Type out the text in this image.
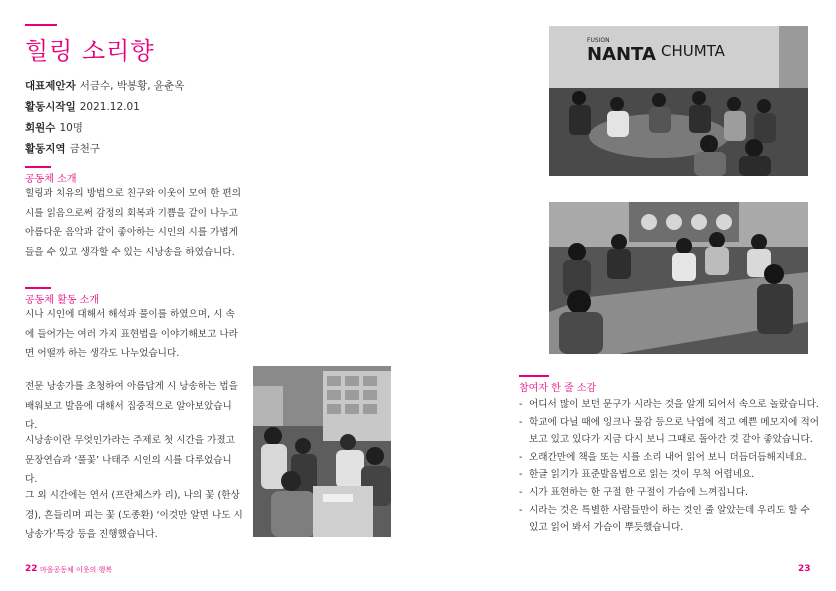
힐링 소리향
대표제안자 서금수, 박봉황, 윤춘옥
활동시작일 2021.12.01
회원수 10명
활동지역 금천구
공동체 소개

힐링과 치유의 방법으로 친구와 이웃이 모여 한 편의 시를 읽음으로써 감정의 회복과 기쁨을 같이 나누고 아름다운 음악과 같이 좋아하는 시인의 시를 가볍게 들을 수 있고 생각할 수 있는 시낭송을 하였습니다.

공동체 활동 소개

시나 시인에 대해서 해석과 풀이를 하였으며, 시 속에 들어가는 여러 가지 표현법을 이야기해보고 나라면 어떨까 하는 생각도 나누었습니다.

전문 낭송가를 초청하여 아름답게 시 낭송하는 법을 배워보고 발음에 대해서 집중적으로 알아보았습니다.

시낭송이란 무엇인가라는 주제로 첫 시간을 가졌고 문장연습과 ‘풀꽃’ 나태주 시인의 시를 다루었습니다.

그 외 시간에는 연서 (프란체스카 리), 나의 꽃 (한상경), 흔들리며 피는 꽃 (도종환) ‘이것만 알면 나도 시낭송가’특강 등을 진행했습니다.

22 마을공동체 이웃의 행복	23
FUSION
NANTA CHUMTA
참여자 한 줄 소감
- 어디서 많이 보던 문구가 시라는 것을 알게 되어서 속으로 놀랐습니다.
- 학교에 다닐 때에 잉크나 물감 등으로 낙엽에 적고 예쁜 메모지에 적어 보고 있고 있다가 지금 다시 보니 그때로 돌아간 것 같아 좋았습니다.
- 오래간만에 책을 또는 시를 소리 내어 읽어 보니 더듬더듬해지네요.
- 한글 읽기가 표준발음법으로 읽는 것이 무척 어렵네요.
- 시가 표현하는 한 구절 한 구절이 가슴에 느껴집니다.
- 시라는 것은 특별한 사람들만이 하는 것인 줄 알았는데 우리도 할 수 있고 읽어 봐서 가슴이 뿌듯했습니다.
